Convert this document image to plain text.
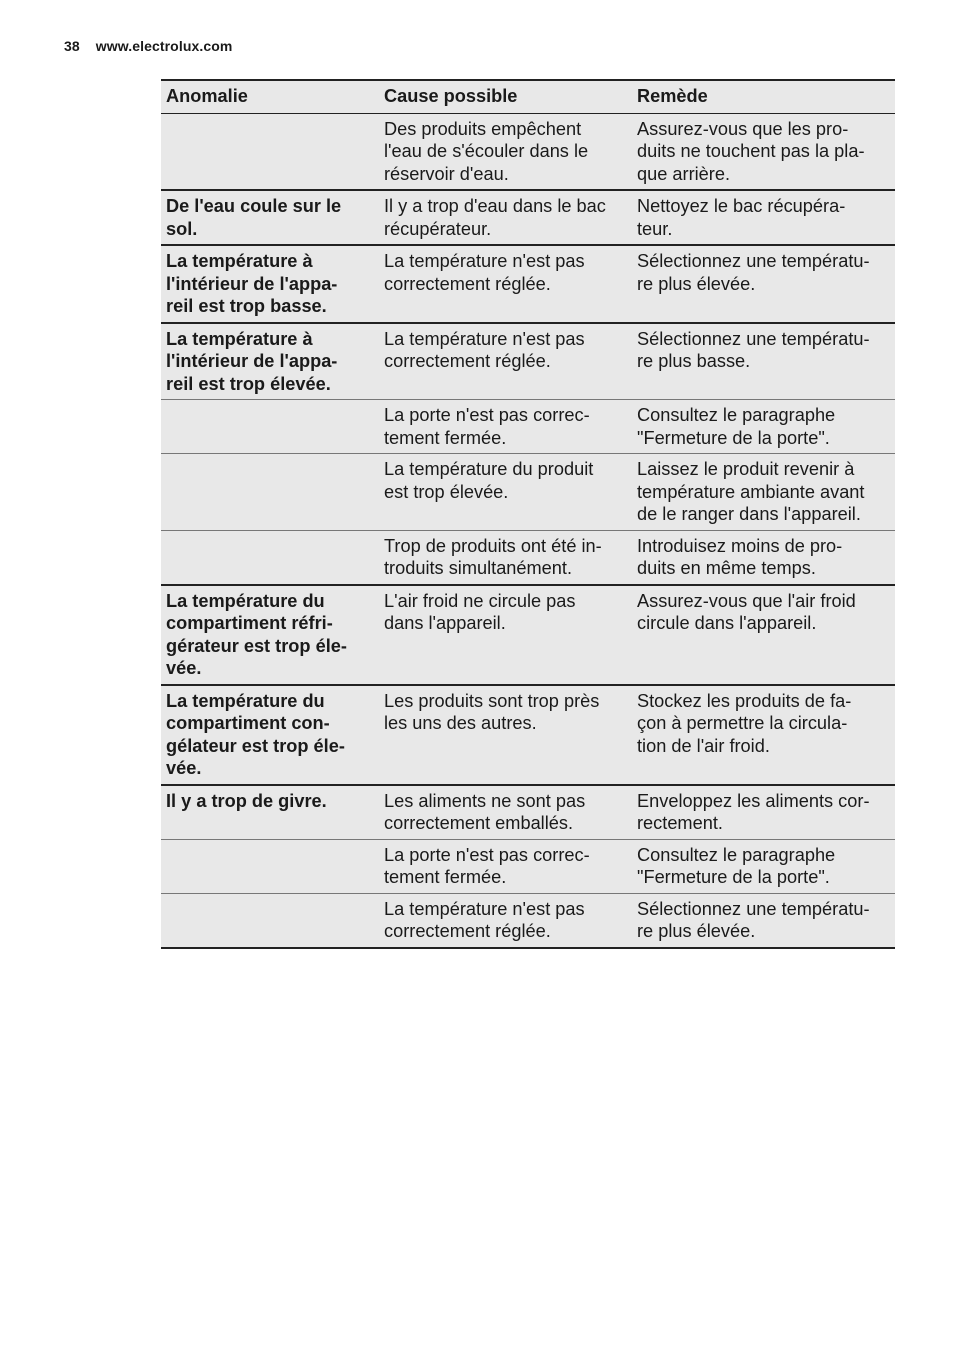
38 www.electrolux.com
Anomalie	Cause possible	Remède

	Des produits empêchent
l'eau de s'écouler dans le
réservoir d'eau.	Assurez-vous que les pro-
duits ne touchent pas la pla-
que arrière.

De l'eau coule sur le
sol.	Il y a trop d'eau dans le bac
récupérateur.	Nettoyez le bac récupéra-
teur.

La température à
l'intérieur de l'appa-
reil est trop basse.	La température n'est pas
correctement réglée.	Sélectionnez une températu-
re plus élevée.

La température à
l'intérieur de l'appa-
reil est trop élevée.	La température n'est pas
correctement réglée.	Sélectionnez une températu-
re plus basse.

	La porte n'est pas correc-
tement fermée.	Consultez le paragraphe
"Fermeture de la porte".

	La température du produit
est trop élevée.	Laissez le produit revenir à
température ambiante avant
de le ranger dans l'appareil.

	Trop de produits ont été in-
troduits simultanément.	Introduisez moins de pro-
duits en même temps.

La température du
compartiment réfri-
gérateur est trop éle-
vée.	L'air froid ne circule pas
dans l'appareil.	Assurez-vous que l'air froid
circule dans l'appareil.

La température du
compartiment con-
gélateur est trop éle-
vée.	Les produits sont trop près
les uns des autres.	Stockez les produits de fa-
çon à permettre la circula-
tion de l'air froid.

Il y a trop de givre.	Les aliments ne sont pas
correctement emballés.	Enveloppez les aliments cor-
rectement.

	La porte n'est pas correc-
tement fermée.	Consultez le paragraphe
"Fermeture de la porte".

	La température n'est pas
correctement réglée.	Sélectionnez une températu-
re plus élevée.
